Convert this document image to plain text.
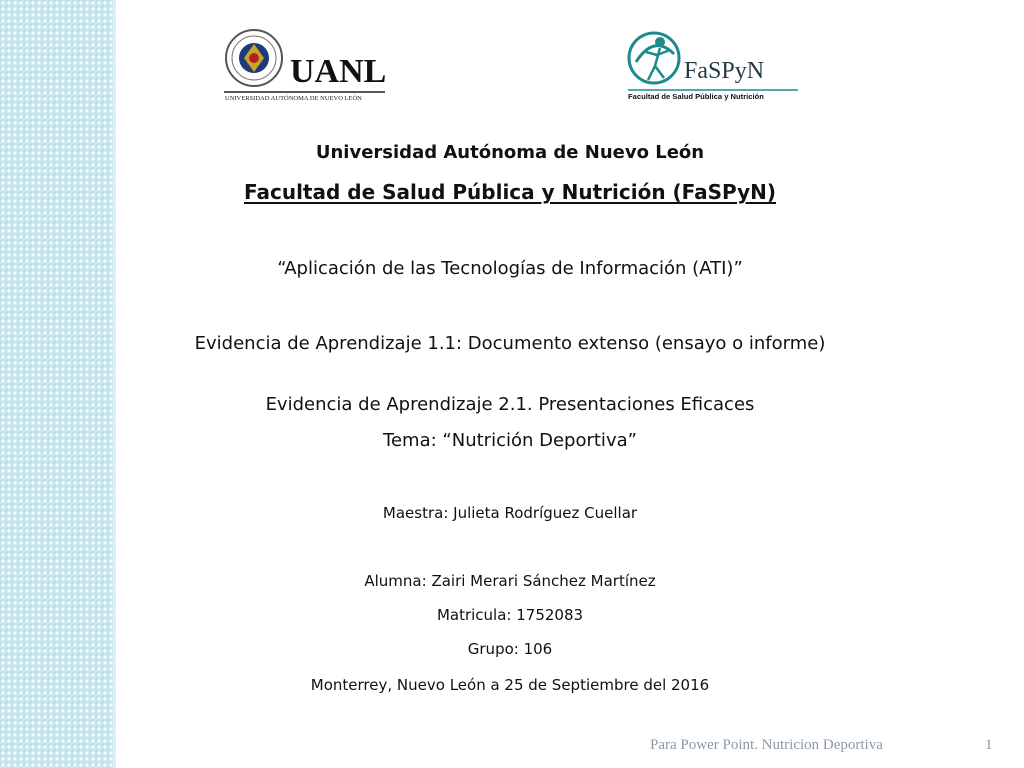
UANL
UNIVERSIDAD AUTÓNOMA DE NUEVO LEÓN
FaSPyN
Facultad de Salud Pública y Nutrición

Universidad Autónoma de Nuevo León

Facultad de Salud Pública y Nutrición (FaSPyN)

“Aplicación de las Tecnologías de Información (ATI)”

Evidencia de Aprendizaje 1.1: Documento extenso (ensayo o informe)

Evidencia de Aprendizaje 2.1. Presentaciones Eficaces

Tema: “Nutrición Deportiva”

Maestra: Julieta Rodríguez Cuellar

Alumna: Zairi Merari Sánchez Martínez

Matricula: 1752083

Grupo: 106

Monterrey, Nuevo León a 25 de Septiembre del 2016

Para Power Point. Nutricion Deportiva	1
